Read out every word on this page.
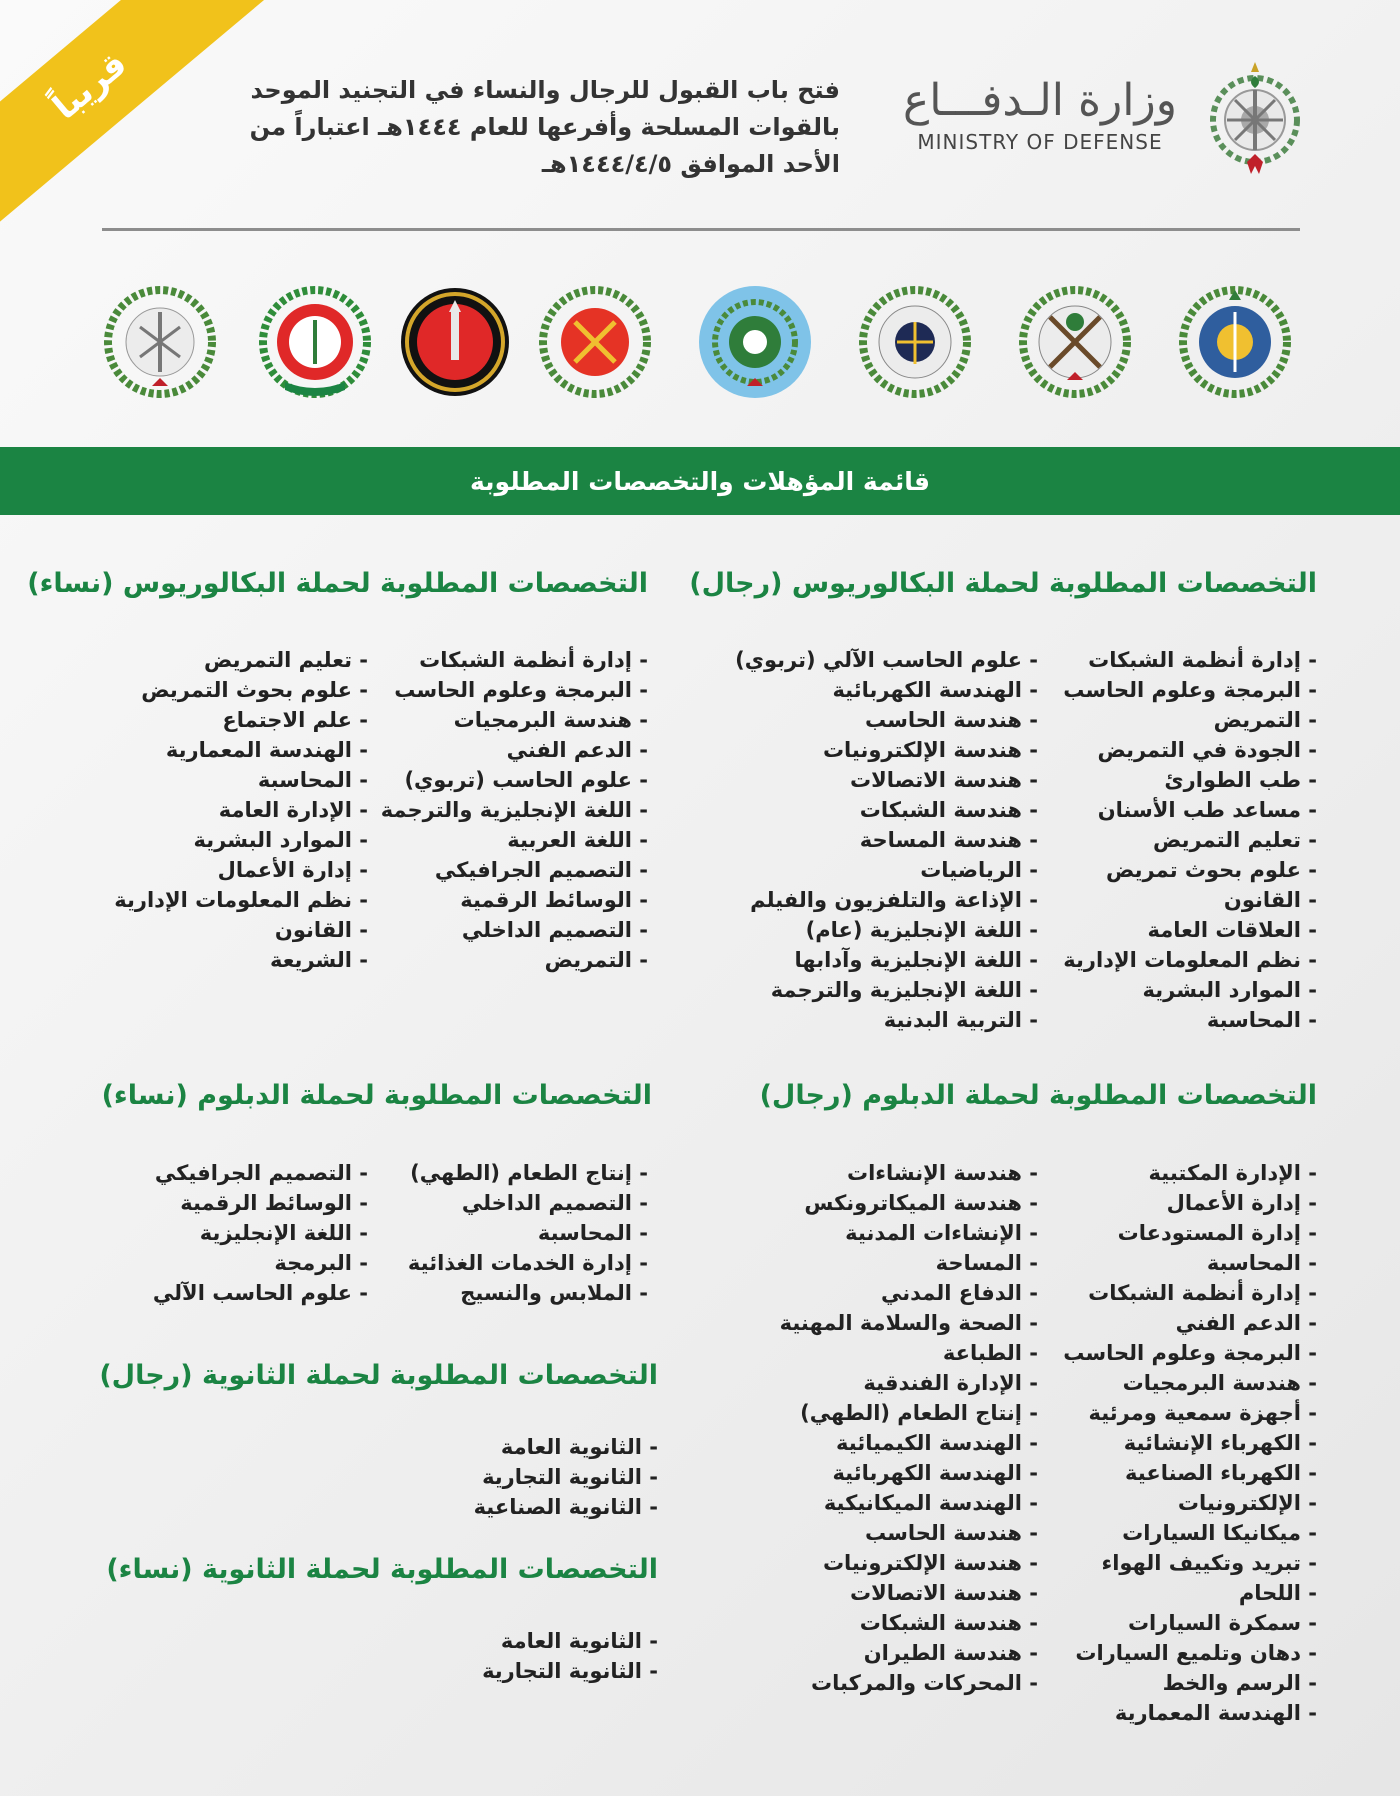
قريباً	فتح باب القبول للرجال والنساء في التجنيد الموحد
بالقوات المسلحة وأفرعها للعام ١٤٤٤هـ اعتباراً من
الأحد الموافق ١٤٤٤/٤/٥هـ
وزارة الـدفـــاع
MINISTRY OF DEFENSE
قائمة المؤهلات والتخصصات المطلوبة
التخصصات المطلوبة لحملة البكالوريوس (رجال)
- إدارة أنظمة الشبكات
- البرمجة وعلوم الحاسب
- التمريض
- الجودة في التمريض
- طب الطوارئ
- مساعد طب الأسنان
- تعليم التمريض
- علوم بحوث تمريض
- القانون
- العلاقات العامة
- نظم المعلومات الإدارية
- الموارد البشرية
- المحاسبة
- علوم الحاسب الآلي (تربوي)
- الهندسة الكهربائية
- هندسة الحاسب
- هندسة الإلكترونيات
- هندسة الاتصالات
- هندسة الشبكات
- هندسة المساحة
- الرياضيات
- الإذاعة والتلفزيون والفيلم
- اللغة الإنجليزية (عام)
- اللغة الإنجليزية وآدابها
- اللغة الإنجليزية والترجمة
- التربية البدنية
التخصصات المطلوبة لحملة البكالوريوس (نساء)
- إدارة أنظمة الشبكات
- البرمجة وعلوم الحاسب
- هندسة البرمجيات
- الدعم الفني
- علوم الحاسب (تربوي)
- اللغة الإنجليزية والترجمة
- اللغة العربية
- التصميم الجرافيكي
- الوسائط الرقمية
- التصميم الداخلي
- التمريض
- تعليم التمريض
- علوم بحوث التمريض
- علم الاجتماع
- الهندسة المعمارية
- المحاسبة
- الإدارة العامة
- الموارد البشرية
- إدارة الأعمال
- نظم المعلومات الإدارية
- القانون
- الشريعة
التخصصات المطلوبة لحملة الدبلوم (رجال)
- الإدارة المكتبية
- إدارة الأعمال
- إدارة المستودعات
- المحاسبة
- إدارة أنظمة الشبكات
- الدعم الفني
- البرمجة وعلوم الحاسب
- هندسة البرمجيات
- أجهزة سمعية ومرئية
- الكهرباء الإنشائية
- الكهرباء الصناعية
- الإلكترونيات
- ميكانيكا السيارات
- تبريد وتكييف الهواء
- اللحام
- سمكرة السيارات
- دهان وتلميع السيارات
- الرسم والخط
- الهندسة المعمارية
- هندسة الإنشاءات
- هندسة الميكاترونكس
- الإنشاءات المدنية
- المساحة
- الدفاع المدني
- الصحة والسلامة المهنية
- الطباعة
- الإدارة الفندقية
- إنتاج الطعام (الطهي)
- الهندسة الكيميائية
- الهندسة الكهربائية
- الهندسة الميكانيكية
- هندسة الحاسب
- هندسة الإلكترونيات
- هندسة الاتصالات
- هندسة الشبكات
- هندسة الطيران
- المحركات والمركبات
التخصصات المطلوبة لحملة الدبلوم (نساء)
- إنتاج الطعام (الطهي)
- التصميم الداخلي
- المحاسبة
- إدارة الخدمات الغذائية
- الملابس والنسيج
- التصميم الجرافيكي
- الوسائط الرقمية
- اللغة الإنجليزية
- البرمجة
- علوم الحاسب الآلي
التخصصات المطلوبة لحملة الثانوية (رجال)
- الثانوية العامة
- الثانوية التجارية
- الثانوية الصناعية
التخصصات المطلوبة لحملة الثانوية (نساء)
- الثانوية العامة
- الثانوية التجارية
